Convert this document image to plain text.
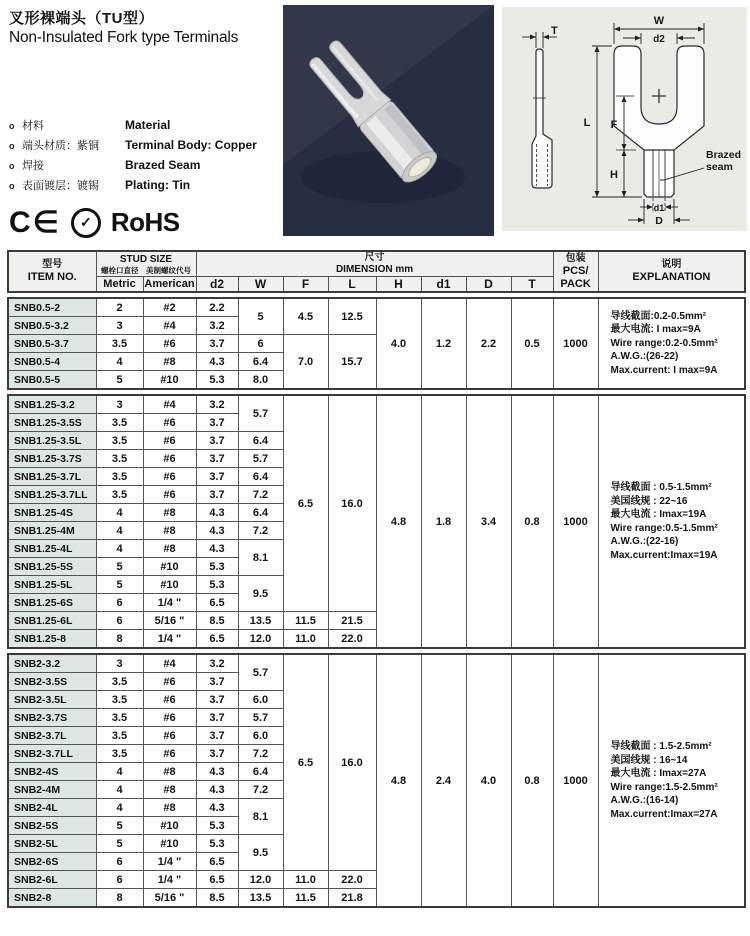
叉形裸端头（TU型）
Non-Insulated Fork type Terminals
o 材料	Material
o 端头材质：紫铜	Terminal Body: Copper
o 焊接	Brazed Seam
o 表面镀层：镀锡	Plating: Tin
C∈	✓ RoHS
T
W
d2
L F
H
d1
D
Brazed
seam
型号
ITEM NO.

STUD SIZE
螺栓口直径　美制螺纹代号

尺寸
DIMENSION mm

包装
PCS/
PACK

说明
EXPLANATION

	Metric	American	d2	W	F	L	H	d1	D	T		
SNB0.5-2	2	#2	2.2	5	4.5	12.5	4.0	1.2	2.2	0.5	1000	导线截面:0.2-0.5mm²
最大电流: I max=9A
Wire range:0.2-0.5mm²
A.W.G.:(26-22)
Max.current: I max=9A

SNB0.5-3.2	3	#4	3.2									
SNB0.5-3.7	3.5	#6	3.7	6	7.0	15.7						
SNB0.5-4	4	#8	4.3	6.4								
SNB0.5-5	5	#10	5.3	8.0								
SNB1.25-3.2	3	#4	3.2	5.7	6.5	16.0	4.8	1.8	3.4	0.8	1000	
导线截面 : 0.5-1.5mm²
美国线规 : 22~16
最大电流 : Imax=19A
Wire range:0.5-1.5mm²
A.W.G.:(22-16)
Max.current:Imax=19A

SNB1.25-3.5S	3.5	#6	3.7									
SNB1.25-3.5L	3.5	#6	3.7	6.4								
SNB1.25-3.7S	3.5	#6	3.7	5.7								
SNB1.25-3.7L	3.5	#6	3.7	6.4								
SNB1.25-3.7LL	3.5	#6	3.7	7.2								
SNB1.25-4S	4	#8	4.3	6.4								
SNB1.25-4M	4	#8	4.3	7.2								
SNB1.25-4L	4	#8	4.3	8.1								
SNB1.25-5S	5	#10	5.3									
SNB1.25-5L	5	#10	5.3	9.5								
SNB1.25-6S	6	1/4 "	6.5									
SNB1.25-6L	6	5/16 "	8.5	13.5	11.5	21.5						
SNB1.25-8	8	1/4 "	6.5	12.0	11.0	22.0						
SNB2-3.2	3	#4	3.2	5.7	6.5	16.0	4.8	2.4	4.0	0.8	1000	
导线截面 : 1.5-2.5mm²
美国线规 : 16~14
最大电流 : Imax=27A
Wire range:1.5-2.5mm²
A.W.G.:(16-14)
Max.current:Imax=27A

SNB2-3.5S	3.5	#6	3.7									
SNB2-3.5L	3.5	#6	3.7	6.0								
SNB2-3.7S	3.5	#6	3.7	5.7								
SNB2-3.7L	3.5	#6	3.7	6.0								
SNB2-3.7LL	3.5	#6	3.7	7.2								
SNB2-4S	4	#8	4.3	6.4								
SNB2-4M	4	#8	4.3	7.2								
SNB2-4L	4	#8	4.3	8.1								
SNB2-5S	5	#10	5.3									
SNB2-5L	5	#10	5.3	9.5								
SNB2-6S	6	1/4 "	6.5									
SNB2-6L	6	1/4 "	6.5	12.0	11.0	22.0						
SNB2-8	8	5/16 "	8.5	13.5	11.5	21.8						
